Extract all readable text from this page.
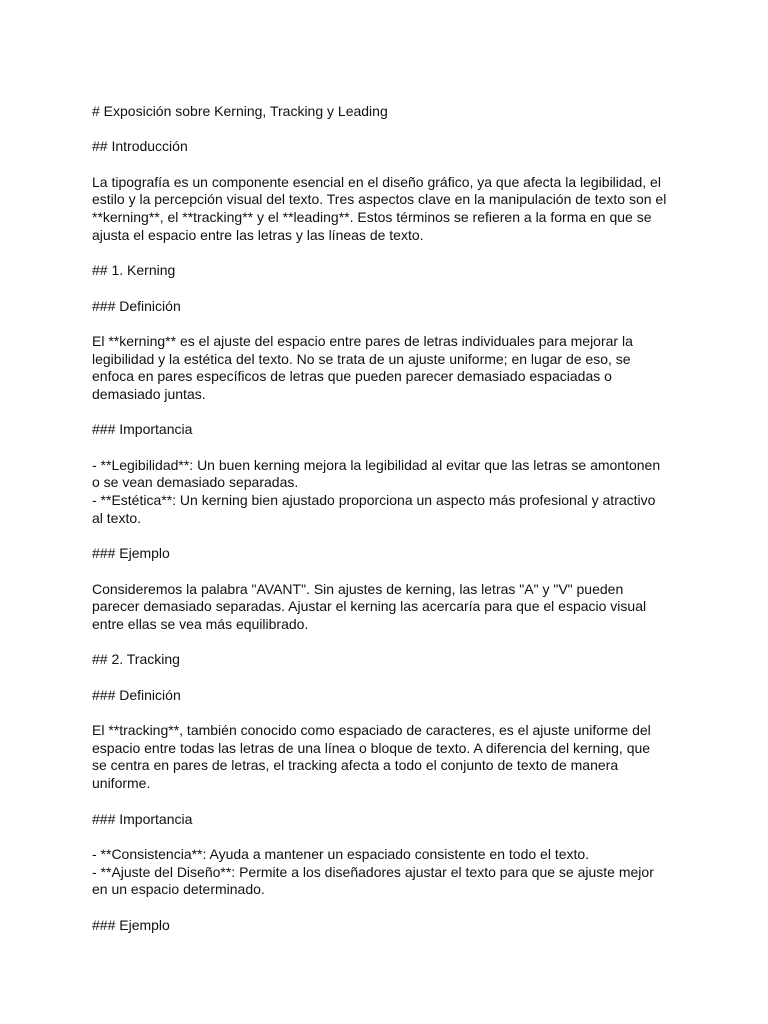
# Exposición sobre Kerning, Tracking y Leading
## Introducción
La tipografía es un componente esencial en el diseño gráfico, ya que afecta la legibilidad, el
estilo y la percepción visual del texto. Tres aspectos clave en la manipulación de texto son el
**kerning**, el **tracking** y el **leading**. Estos términos se refieren a la forma en que se
ajusta el espacio entre las letras y las líneas de texto.
## 1. Kerning
### Definición
El **kerning** es el ajuste del espacio entre pares de letras individuales para mejorar la
legibilidad y la estética del texto. No se trata de un ajuste uniforme; en lugar de eso, se
enfoca en pares específicos de letras que pueden parecer demasiado espaciadas o
demasiado juntas.
### Importancia
- **Legibilidad**: Un buen kerning mejora la legibilidad al evitar que las letras se amontonen
o se vean demasiado separadas.
- **Estética**: Un kerning bien ajustado proporciona un aspecto más profesional y atractivo
al texto.
### Ejemplo
Consideremos la palabra "AVANT". Sin ajustes de kerning, las letras "A" y "V" pueden
parecer demasiado separadas. Ajustar el kerning las acercaría para que el espacio visual
entre ellas se vea más equilibrado.
## 2. Tracking
### Definición
El **tracking**, también conocido como espaciado de caracteres, es el ajuste uniforme del
espacio entre todas las letras de una línea o bloque de texto. A diferencia del kerning, que
se centra en pares de letras, el tracking afecta a todo el conjunto de texto de manera
uniforme.
### Importancia
- **Consistencia**: Ayuda a mantener un espaciado consistente en todo el texto.
- **Ajuste del Diseño**: Permite a los diseñadores ajustar el texto para que se ajuste mejor
en un espacio determinado.
### Ejemplo
